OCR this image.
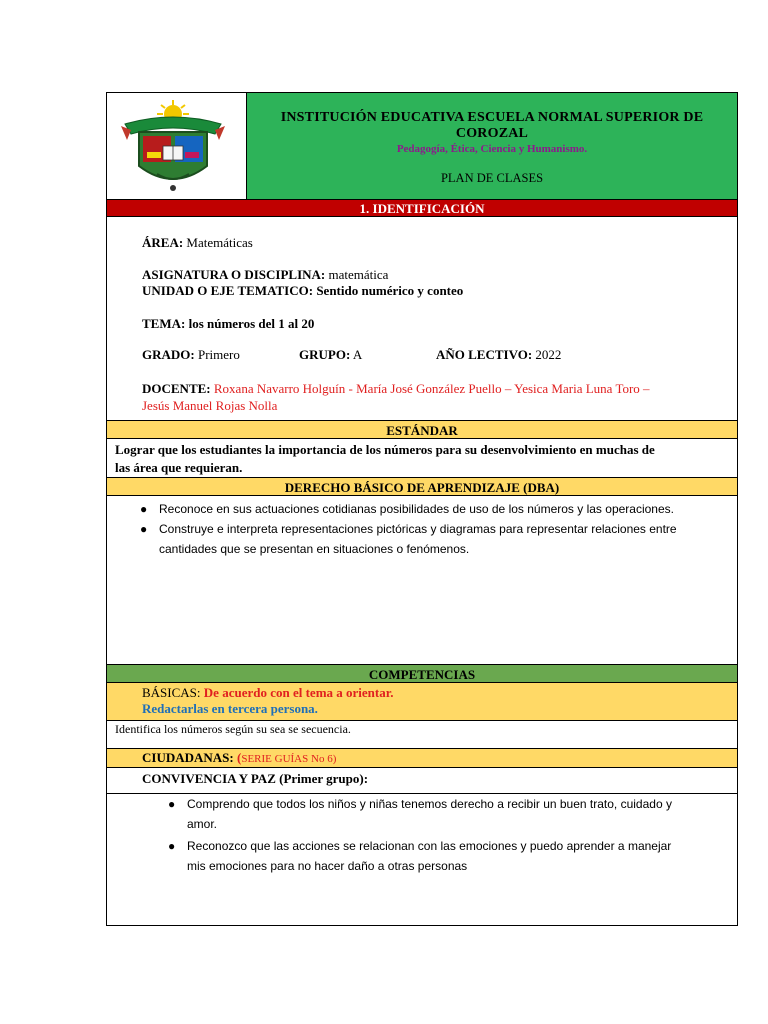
INSTITUCIÓN EDUCATIVA ESCUELA NORMAL SUPERIOR DE COROZAL
Pedagogía, Ética, Ciencia y Humanismo.
PLAN DE CLASES
1. IDENTIFICACIÓN
ÁREA: Matemáticas
ASIGNATURA O DISCIPLINA: matemática
UNIDAD O EJE TEMATICO: Sentido numérico y conteo
TEMA: los números del 1 al 20
GRADO: Primero	GRUPO: A	AÑO LECTIVO: 2022
DOCENTE: Roxana Navarro Holguín - María José González Puello – Yesica Maria Luna Toro –
Jesús Manuel Rojas Nolla
ESTÁNDAR
Lograr que los estudiantes la importancia de los números para su desenvolvimiento en muchas de
las área que requieran.
DERECHO BÁSICO DE APRENDIZAJE (DBA)
● Reconoce en sus actuaciones cotidianas posibilidades de uso de los números y las operaciones.
● Construye e interpreta representaciones pictóricas y diagramas para representar relaciones entre
cantidades que se presentan en situaciones o fenómenos.
COMPETENCIAS
BÁSICAS: De acuerdo con el tema a orientar.
Redactarlas en tercera persona.
Identifica los números según su sea se secuencia.
CIUDADANAS: (SERIE GUÍAS No 6)
CONVIVENCIA Y PAZ (Primer grupo):
● Comprendo que todos los niños y niñas tenemos derecho a recibir un buen trato, cuidado y
amor.
● Reconozco que las acciones se relacionan con las emociones y puedo aprender a manejar
mis emociones para no hacer daño a otras personas
